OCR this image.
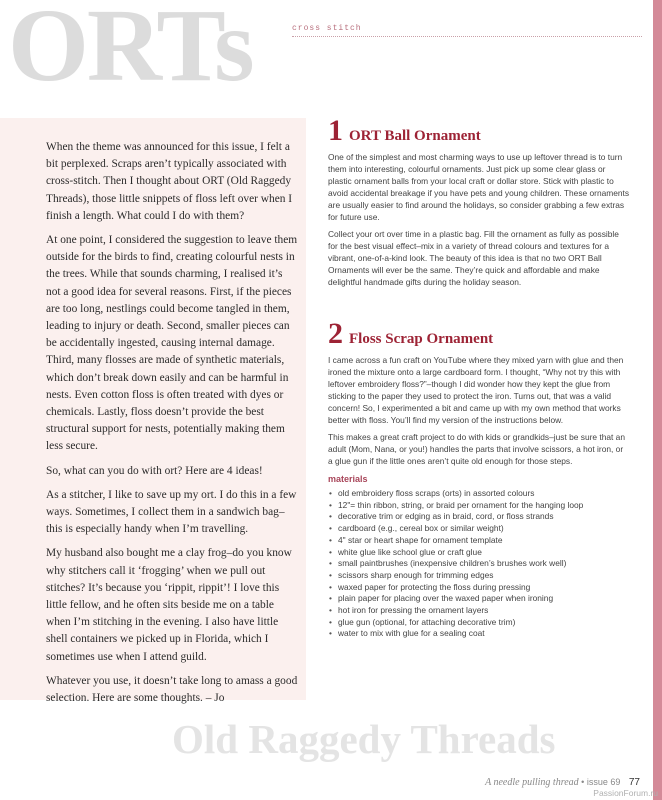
ORTs	cross stitch

When the theme was announced for this issue, I felt a bit perplexed. Scraps aren’t typically associated with cross-stitch. Then I thought about ORT (Old Raggedy Threads), those little snippets of floss left over when I finish a length. What could I do with them?

At one point, I considered the suggestion to leave them outside for the birds to find, creating colourful nests in the trees. While that sounds charming, I realised it’s not a good idea for several reasons. First, if the pieces are too long, nestlings could become tangled in them, leading to injury or death. Second, smaller pieces can be accidentally ingested, causing internal damage. Third, many flosses are made of synthetic materials, which don’t break down easily and can be harmful in nests. Even cotton floss is often treated with dyes or chemicals. Lastly, floss doesn’t provide the best structural support for nests, potentially making them less secure.

So, what can you do with ort? Here are 4 ideas!

As a stitcher, I like to save up my ort. I do this in a few ways. Sometimes, I collect them in a sandwich bag–this is especially handy when I’m travelling.

My husband also bought me a clay frog–do you know why stitchers call it ‘frogging’ when we pull out stitches? It’s because you ‘rippit, rippit’! I love this little fellow, and he often sits beside me on a table when I’m stitching in the evening. I also have little shell containers we picked up in Florida, which I sometimes use when I attend guild.

Whatever you use, it doesn’t take long to amass a good selection. Here are some thoughts. – Jo

1 ORT Ball Ornament

One of the simplest and most charming ways to use up leftover thread is to turn them into interesting, colourful ornaments. Just pick up some clear glass or plastic ornament balls from your local craft or dollar store. Stick with plastic to avoid accidental breakage if you have pets and young children. These ornaments are usually easier to find around the holidays, so consider grabbing a few extras for future use.

Collect your ort over time in a plastic bag. Fill the ornament as fully as possible for the best visual effect–mix in a variety of thread colours and textures for a vibrant, one-of-a-kind look. The beauty of this idea is that no two ORT Ball Ornaments will ever be the same. They’re quick and affordable and make delightful handmade gifts during the holiday season.

2 Floss Scrap Ornament

I came across a fun craft on YouTube where they mixed yarn with glue and then ironed the mixture onto a large cardboard form. I thought, “Why not try this with leftover embroidery floss?”–though I did wonder how they kept the glue from sticking to the paper they used to protect the iron. Turns out, that was a valid concern! So, I experimented a bit and came up with my own method that works better with floss. You’ll find my version of the instructions below.

This makes a great craft project to do with kids or grandkids–just be sure that an adult (Mom, Nana, or you!) handles the parts that involve scissors, a hot iron, or a glue gun if the little ones aren’t quite old enough for those steps.

materials
• old embroidery floss scraps (orts) in assorted colours
• 12"= thin ribbon, string, or braid per ornament for the hanging loop
• decorative trim or edging as in braid, cord, or floss strands
• cardboard (e.g., cereal box or similar weight)
• 4" star or heart shape for ornament template
• white glue like school glue or craft glue
• small paintbrushes (inexpensive children’s brushes work well)
• scissors sharp enough for trimming edges
• waxed paper for protecting the floss during pressing
• plain paper for placing over the waxed paper when ironing
• hot iron for pressing the ornament layers
• glue gun (optional, for attaching decorative trim)
• water to mix with glue for a sealing coat
Old Raggedy Threads
A needle pulling thread • issue 69 77
PassionForum.ru
